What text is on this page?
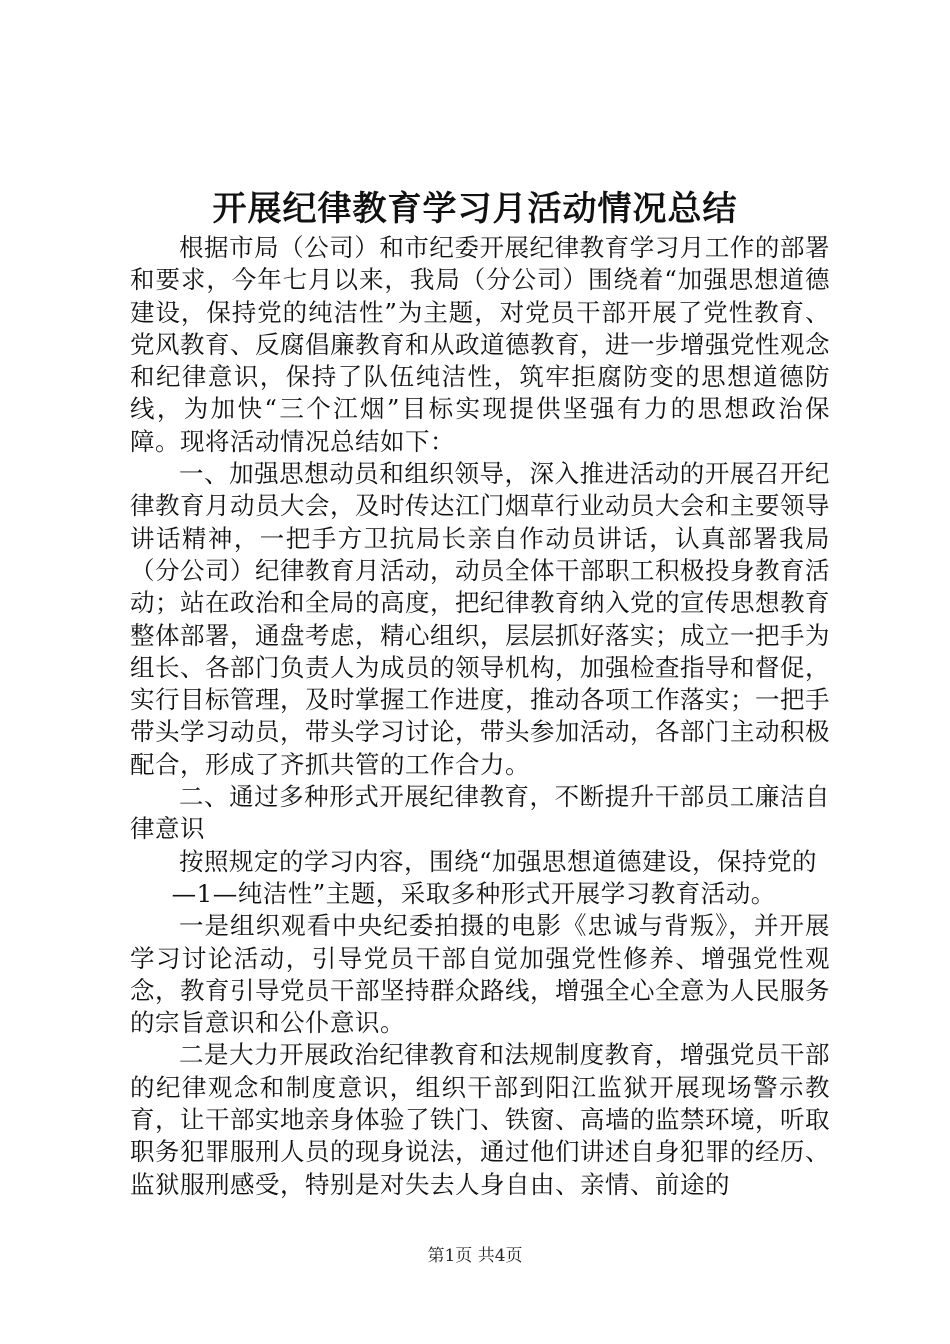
开展纪律教育学习月活动情况总结

根据市局（公司）和市纪委开展纪律教育学习月工作的部署和要求，今年七月以来，我局（分公司）围绕着“加强思想道德建设，保持党的纯洁性”为主题，对党员干部开展了党性教育、党风教育、反腐倡廉教育和从政道德教育，进一步增强党性观念和纪律意识，保持了队伍纯洁性，筑牢拒腐防变的思想道德防线，为加快“三个江烟”目标实现提供坚强有力的思想政治保障。现将活动情况总结如下：

一、加强思想动员和组织领导，深入推进活动的开展召开纪律教育月动员大会，及时传达江门烟草行业动员大会和主要领导讲话精神，一把手方卫抗局长亲自作动员讲话，认真部署我局（分公司）纪律教育月活动，动员全体干部职工积极投身教育活动；站在政治和全局的高度，把纪律教育纳入党的宣传思想教育整体部署，通盘考虑，精心组织，层层抓好落实；成立一把手为组长、各部门负责人为成员的领导机构，加强检查指导和督促，实行目标管理，及时掌握工作进度，推动各项工作落实；一把手带头学习动员，带头学习讨论，带头参加活动，各部门主动积极配合，形成了齐抓共管的工作合力。

二、通过多种形式开展纪律教育，不断提升干部员工廉洁自律意识

按照规定的学习内容，围绕“加强思想道德建设，保持党的

—1—纯洁性”主题，采取多种形式开展学习教育活动。

一是组织观看中央纪委拍摄的电影《忠诚与背叛》，并开展学习讨论活动，引导党员干部自觉加强党性修养、增强党性观念，教育引导党员干部坚持群众路线，增强全心全意为人民服务的宗旨意识和公仆意识。

二是大力开展政治纪律教育和法规制度教育，增强党员干部的纪律观念和制度意识，组织干部到阳江监狱开展现场警示教育，让干部实地亲身体验了铁门、铁窗、高墙的监禁环境，听取职务犯罪服刑人员的现身说法，通过他们讲述自身犯罪的经历、监狱服刑感受，特别是对失去人身自由、亲情、前途的

第1页 共4页
